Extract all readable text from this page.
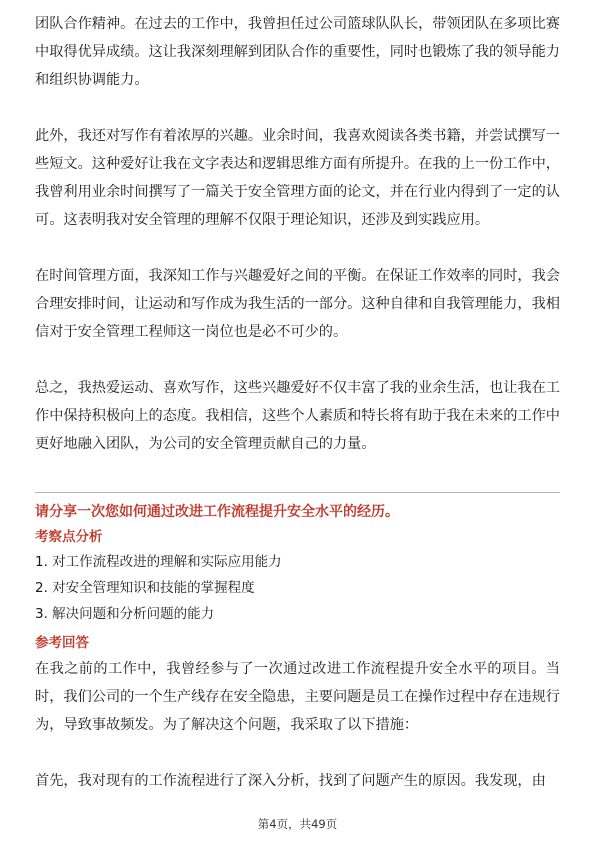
团队合作精神。在过去的工作中，我曾担任过公司篮球队队长，带领团队在多项比赛中取得优异成绩。这让我深刻理解到团队合作的重要性，同时也锻炼了我的领导能力和组织协调能力。

此外，我还对写作有着浓厚的兴趣。业余时间，我喜欢阅读各类书籍，并尝试撰写一些短文。这种爱好让我在文字表达和逻辑思维方面有所提升。在我的上一份工作中，我曾利用业余时间撰写了一篇关于安全管理方面的论文，并在行业内得到了一定的认可。这表明我对安全管理的理解不仅限于理论知识，还涉及到实践应用。

在时间管理方面，我深知工作与兴趣爱好之间的平衡。在保证工作效率的同时，我会合理安排时间，让运动和写作成为我生活的一部分。这种自律和自我管理能力，我相信对于安全管理工程师这一岗位也是必不可少的。

总之，我热爱运动、喜欢写作，这些兴趣爱好不仅丰富了我的业余生活，也让我在工作中保持积极向上的态度。我相信，这些个人素质和特长将有助于我在未来的工作中更好地融入团队，为公司的安全管理贡献自己的力量。

请分享一次您如何通过改进工作流程提升安全水平的经历。

考察点分析

1. 对工作流程改进的理解和实际应用能力

2. 对安全管理知识和技能的掌握程度

3. 解决问题和分析问题的能力

参考回答

在我之前的工作中，我曾经参与了一次通过改进工作流程提升安全水平的项目。当时，我们公司的一个生产线存在安全隐患，主要问题是员工在操作过程中存在违规行为，导致事故频发。为了解决这个问题，我采取了以下措施：

首先，我对现有的工作流程进行了深入分析，找到了问题产生的原因。我发现，由

第4页，共49页
